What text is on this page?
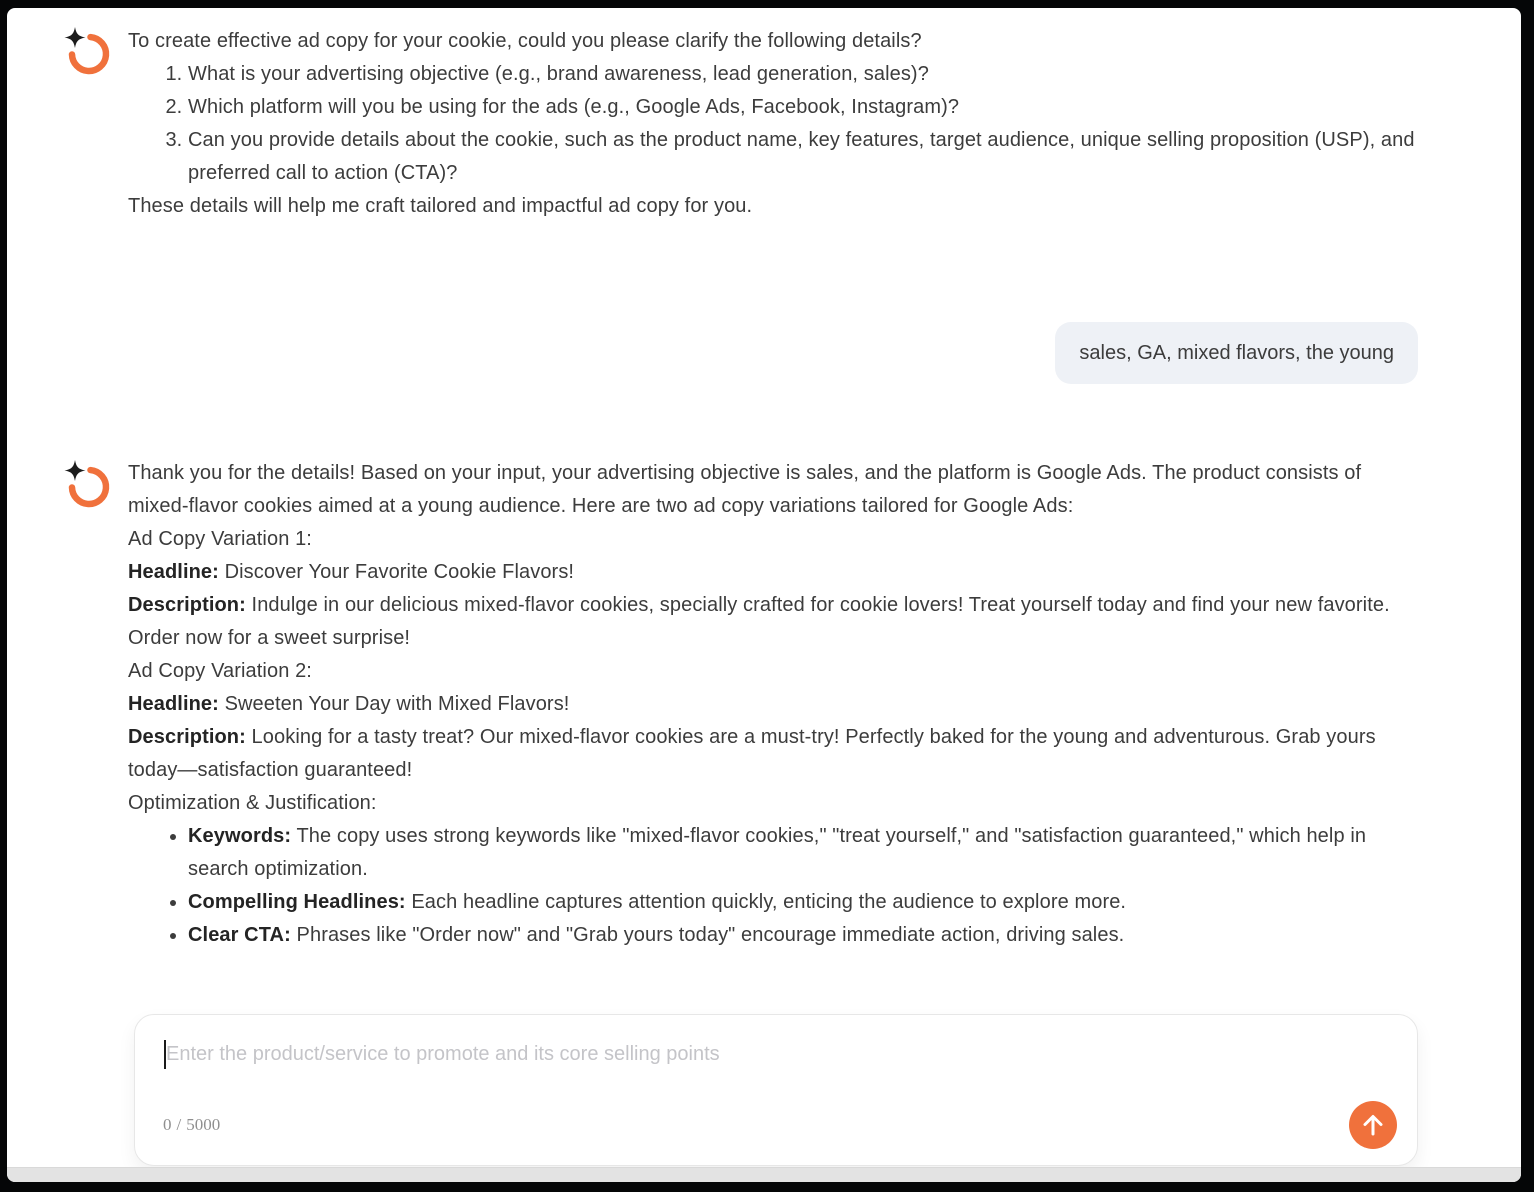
To create effective ad copy for your cookie, could you please clarify the following details?

1. What is your advertising objective (e.g., brand awareness, lead generation, sales)?
2. Which platform will you be using for the ads (e.g., Google Ads, Facebook, Instagram)?
3. Can you provide details about the cookie, such as the product name, key features, target audience, unique selling proposition (USP), and preferred call to action (CTA)?

These details will help me craft tailored and impactful ad copy for you.

sales, GA, mixed flavors, the young

Thank you for the details! Based on your input, your advertising objective is sales, and the platform is Google Ads. The product consists of mixed-flavor cookies aimed at a young audience. Here are two ad copy variations tailored for Google Ads:

Ad Copy Variation 1:

Headline: Discover Your Favorite Cookie Flavors!

Description: Indulge in our delicious mixed-flavor cookies, specially crafted for cookie lovers! Treat yourself today and find your new favorite. Order now for a sweet surprise!

Ad Copy Variation 2:

Headline: Sweeten Your Day with Mixed Flavors!

Description: Looking for a tasty treat? Our mixed-flavor cookies are a must-try! Perfectly baked for the young and adventurous. Grab yours today—satisfaction guaranteed!

Optimization & Justification:

• Keywords: The copy uses strong keywords like "mixed-flavor cookies," "treat yourself," and "satisfaction guaranteed," which help in search optimization.
• Compelling Headlines: Each headline captures attention quickly, enticing the audience to explore more.
• Clear CTA: Phrases like "Order now" and "Grab yours today" encourage immediate action, driving sales.
Enter the product/service to promote and its core selling points
0 / 5000
